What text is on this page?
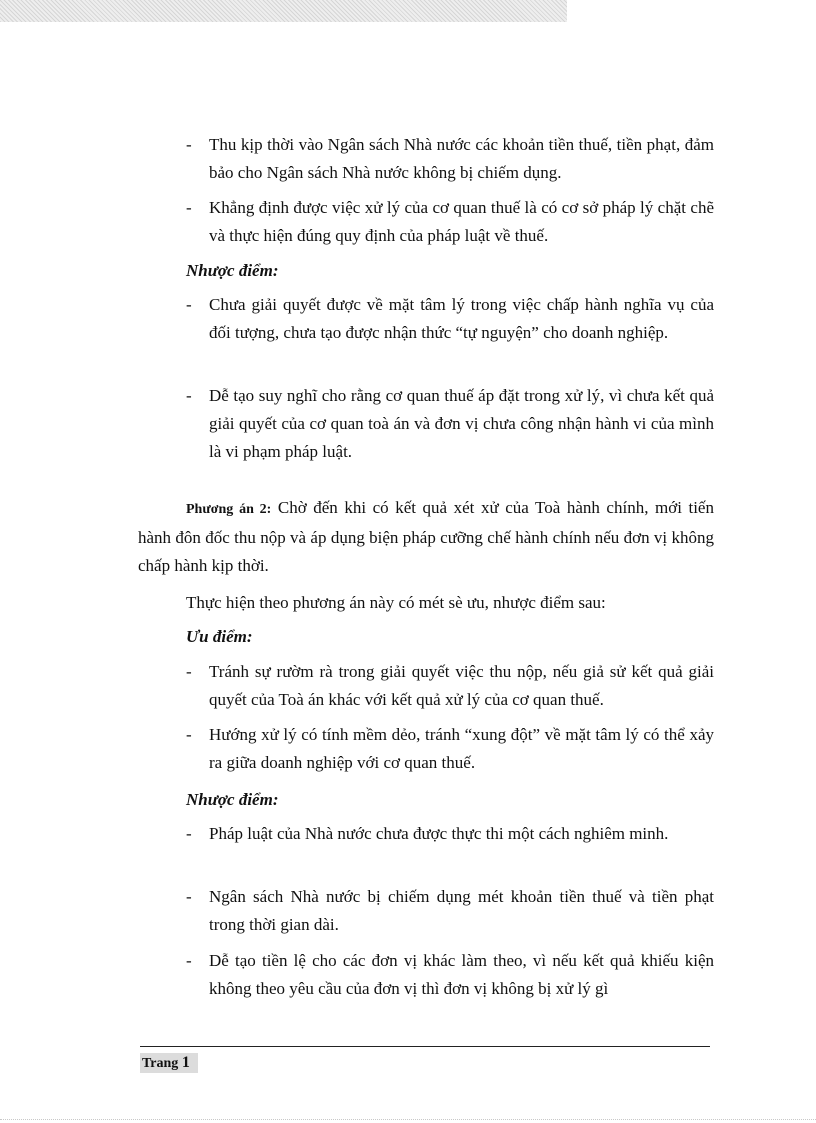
-	Thu kịp thời vào Ngân sách Nhà nước các khoản tiền thuế, tiền phạt, đảm bảo cho Ngân sách Nhà nước không bị chiếm dụng.
-	Khẳng định được việc xử lý của cơ quan thuế là có cơ sở pháp lý chặt chẽ và thực hiện đúng quy định của pháp luật về thuế.
Nhược điểm:
-	Chưa giải quyết được về mặt tâm lý trong việc chấp hành nghĩa vụ của đối tượng, chưa tạo được nhận thức “tự nguyện” cho doanh nghiệp.
-	Dễ tạo suy nghĩ cho rằng cơ quan thuế áp đặt trong xử lý, vì chưa kết quả giải quyết của cơ quan toà án và đơn vị chưa công nhận hành vi của mình là vi phạm pháp luật.
Phương án 2: Chờ đến khi có kết quả xét xử của Toà hành chính, mới tiến hành đôn đốc thu nộp và áp dụng biện pháp cưỡng chế hành chính nếu đơn vị không chấp hành kịp thời.
Thực hiện theo phương án này có mét sè ưu, nhược điểm sau:
Ưu điểm:
-	Tránh sự rườm rà trong giải quyết việc thu nộp, nếu giả sử kết quả giải quyết của Toà án khác với kết quả xử lý của cơ quan thuế.
-	Hướng xử lý có tính mềm dẻo, tránh “xung đột” về mặt tâm lý có thể xảy ra giữa doanh nghiệp với cơ quan thuế.
Nhược điểm:
-	Pháp luật của Nhà nước chưa được thực thi một cách nghiêm minh.
-	Ngân sách Nhà nước bị chiếm dụng mét khoản tiền thuế và tiền phạt trong thời gian dài.
-	Dễ tạo tiền lệ cho các đơn vị khác làm theo, vì nếu kết quả khiếu kiện không theo yêu cầu của đơn vị thì đơn vị không bị xử lý gì
Trang 1
